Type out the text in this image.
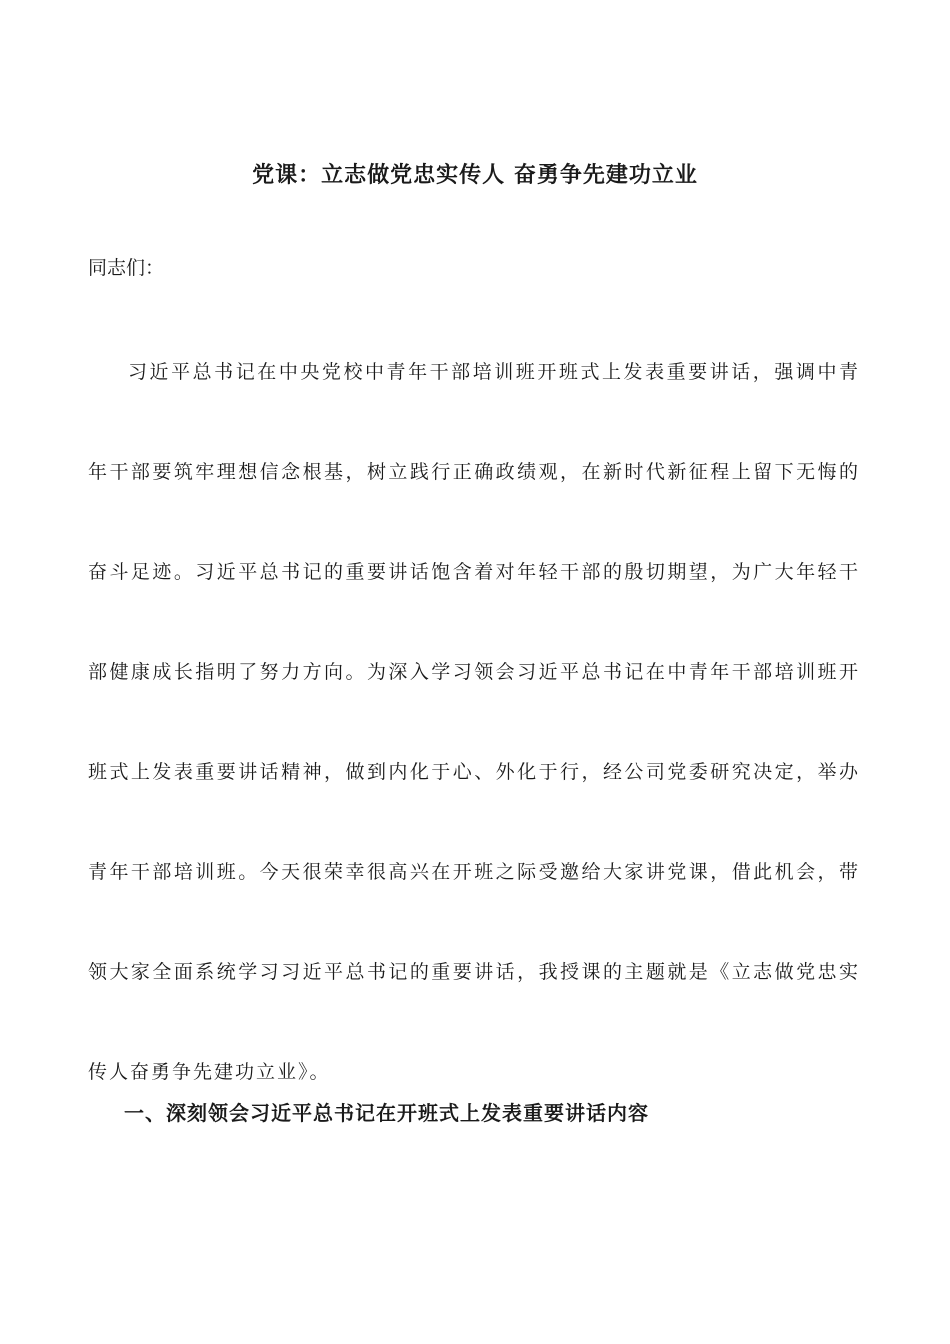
党课：立志做党忠实传人 奋勇争先建功立业
同志们：

习近平总书记在中央党校中青年干部培训班开班式上发表重要讲话，强调中青年干部要筑牢理想信念根基，树立践行正确政绩观，在新时代新征程上留下无悔的奋斗足迹。习近平总书记的重要讲话饱含着对年轻干部的殷切期望，为广大年轻干部健康成长指明了努力方向。为深入学习领会习近平总书记在中青年干部培训班开班式上发表重要讲话精神，做到内化于心、外化于行，经公司党委研究决定，举办青年干部培训班。今天很荣幸很高兴在开班之际受邀给大家讲党课，借此机会，带领大家全面系统学习习近平总书记的重要讲话，我授课的主题就是《立志做党忠实传人奋勇争先建功立业》。

一、深刻领会习近平总书记在开班式上发表重要讲话内容
